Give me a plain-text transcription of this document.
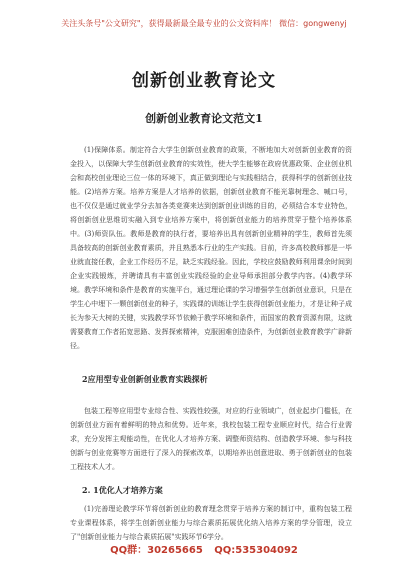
关注头条号"公文研究"，获得最新最全最专业的公文资料库！ 微信：gongwenyj
创新创业教育论文
创新创业教育论文范文1

(1)保障体系。制定符合大学生创新创业教育的政策，不断地加大对创新创业教育的资金投入，以保障大学生创新创业教育的实效性，使大学生能够在政府优惠政策、企业创业机会和高校创业理论三位一体的环境下，真正做到理论与实践相结合，获得科学的创新创业技能。(2)培养方案。培养方案是人才培养的依据，创新创业教育不能光靠树理念、喊口号，也不仅仅是通过就业学分去加各类竞赛来达到创新创业训练的目的，必须结合本专业特色，将创新创业思维切实融入到专业培养方案中，将创新创业能力的培养贯穿于整个培养体系中。(3)师资队伍。教师是教育的执行者，要培养出具有创新创业精神的学生，教师首先须具备较高的创新创业教育素质，并且熟悉本行业的生产实践。目前，许多高校教师都是一毕业就直接任教，企业工作经历不足，缺乏实践经验。因此，学校应鼓励教师利用课余时间到企业实践锻炼，并聘请具有丰富创业实践经验的企业导师承担部分教学内容。(4)教学环境。教学环境和条件是教育的实施平台，通过理论课的学习增强学生创新创业意识，只是在学生心中埋下一颗创新创业的种子，实践课的训练让学生获得创新创业能力，才是让种子成长为参天大树的关键，实践教学环节依赖于教学环境和条件，而国家的教育资源有限，这就需要教育工作者拓宽思路、发挥探索精神，克服困难创造条件，为创新创业教育教学广辟新径。

2应用型专业创新创业教育实践探析

包装工程等应用型专业综合性、实践性较强，对应的行业领域广，创业起步门槛低，在创新创业方面有着鲜明的特点和优势。近年来，我校包装工程专业顺应时代，结合行业需求，充分发挥主观能动性，在优化人才培养方案、调整师资结构、创造教学环境、参与科技创新与创业竞赛等方面进行了深入的探索改革，以期培养出创意进取、勇于创新创业的包装工程技术人才。

2. 1优化人才培养方案

(1)完善理论教学环节将创新创业的教育理念贯穿于培养方案的制订中，重构包装工程专业课程体系，将学生创新创业能力与综合素质拓展优化纳入培养方案的学分管理，设立了"创新创业能力与综合素质拓展"实践环节6学分。

QQ群：30265665 QQ:535304092
